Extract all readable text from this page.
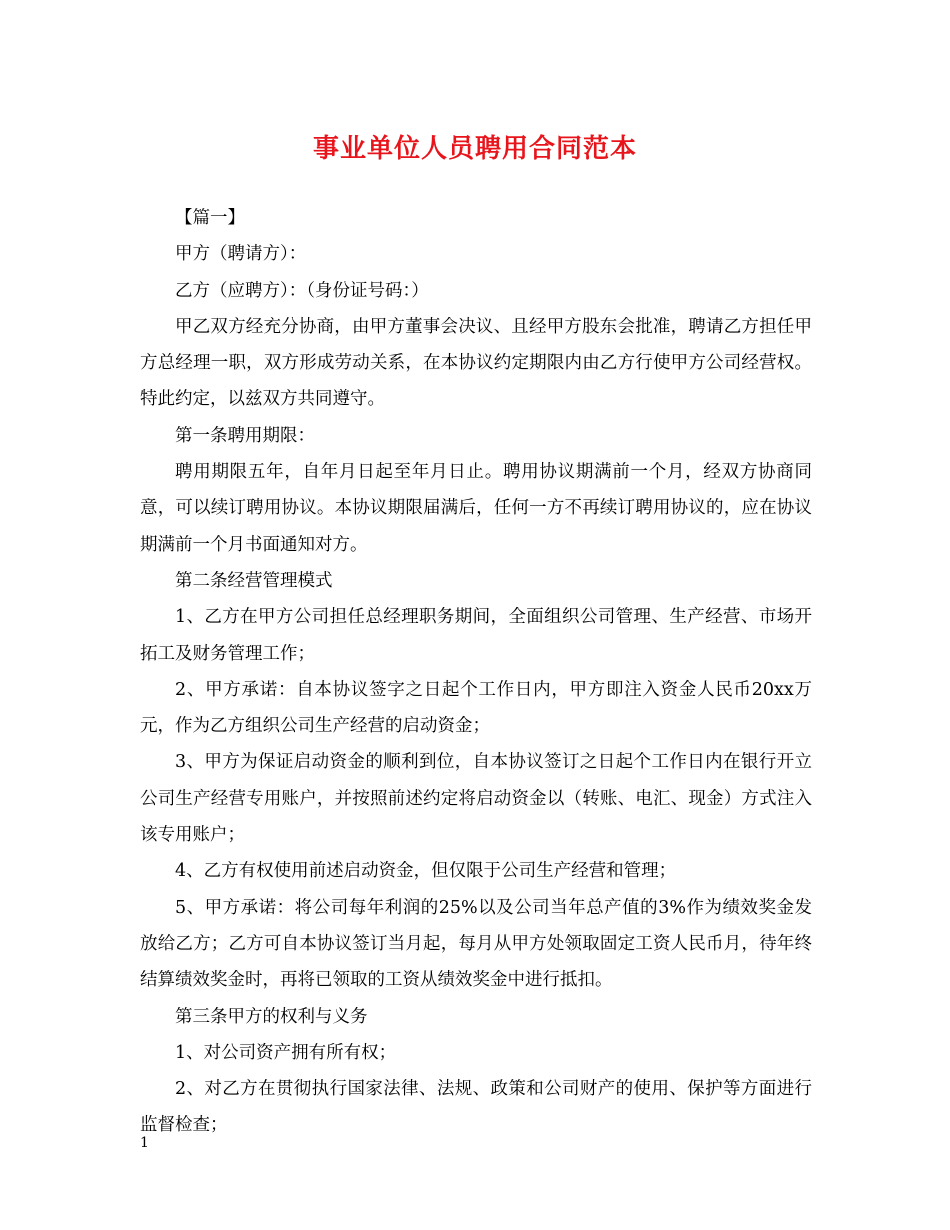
事业单位人员聘用合同范本

【篇一】

甲方（聘请方）：

乙方（应聘方）：（身份证号码：）

甲乙双方经充分协商，由甲方董事会决议、且经甲方股东会批准，聘请乙方担任甲方总经理一职，双方形成劳动关系，在本协议约定期限内由乙方行使甲方公司经营权。特此约定，以兹双方共同遵守。

第一条聘用期限：

聘用期限五年，自年月日起至年月日止。聘用协议期满前一个月，经双方协商同意，可以续订聘用协议。本协议期限届满后，任何一方不再续订聘用协议的，应在协议期满前一个月书面通知对方。

第二条经营管理模式

1、乙方在甲方公司担任总经理职务期间，全面组织公司管理、生产经营、市场开拓工及财务管理工作；

2、甲方承诺：自本协议签字之日起个工作日内，甲方即注入资金人民币20xx万元，作为乙方组织公司生产经营的启动资金；

3、甲方为保证启动资金的顺利到位，自本协议签订之日起个工作日内在银行开立公司生产经营专用账户，并按照前述约定将启动资金以（转账、电汇、现金）方式注入该专用账户；

4、乙方有权使用前述启动资金，但仅限于公司生产经营和管理；

5、甲方承诺：将公司每年利润的25%以及公司当年总产值的3%作为绩效奖金发放给乙方；乙方可自本协议签订当月起，每月从甲方处领取固定工资人民币月，待年终结算绩效奖金时，再将已领取的工资从绩效奖金中进行抵扣。

第三条甲方的权利与义务

1、对公司资产拥有所有权；

2、对乙方在贯彻执行国家法律、法规、政策和公司财产的使用、保护等方面进行监督检查；

1
